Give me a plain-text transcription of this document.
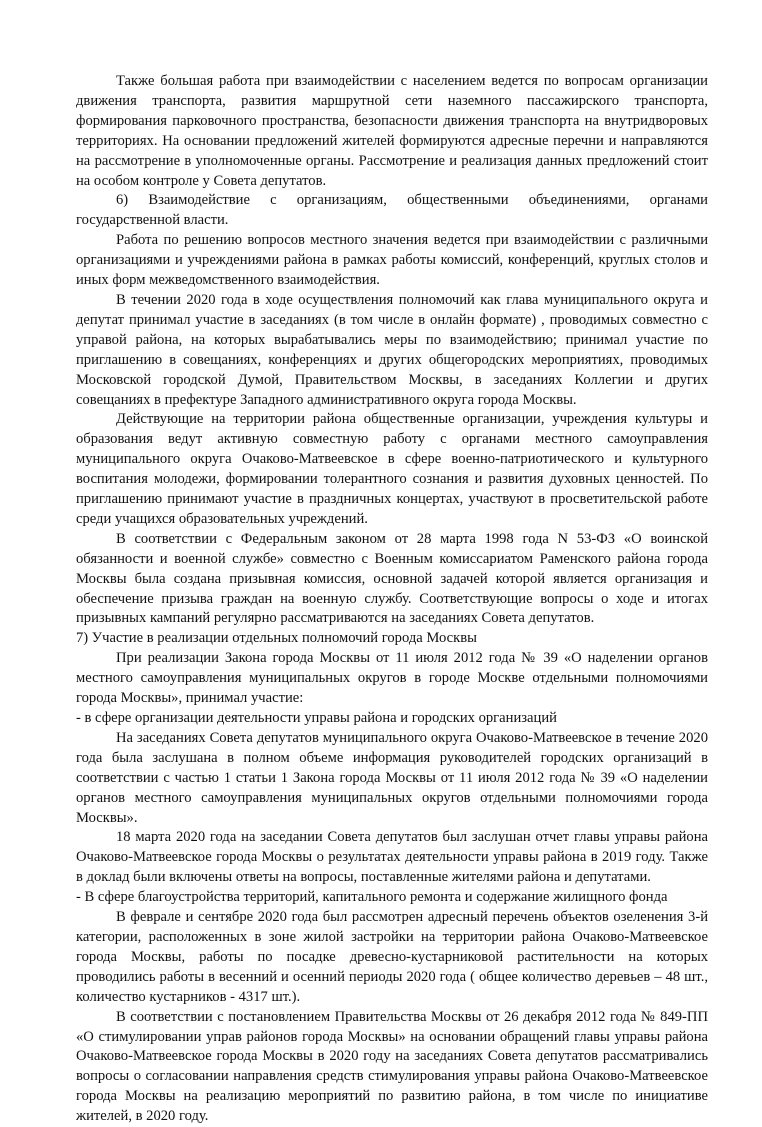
Также большая работа при взаимодействии с населением ведется по вопросам организации движения транспорта, развития маршрутной сети наземного пассажирского транспорта, формирования парковочного пространства, безопасности движения транспорта на внутридворовых территориях. На основании предложений жителей формируются адресные перечни и направляются на рассмотрение в уполномоченные органы. Рассмотрение и реализация данных предложений стоит на особом контроле у Совета депутатов.

6) Взаимодействие с организациям, общественными объединениями, органами государственной власти.

Работа по решению вопросов местного значения ведется при взаимодействии с различными организациями и учреждениями района в рамках работы комиссий, конференций, круглых столов и иных форм межведомственного взаимодействия.

В течении 2020 года в ходе осуществления полномочий как глава муниципального округа и депутат принимал участие в заседаниях (в том числе в онлайн формате) , проводимых совместно с управой района, на которых вырабатывались меры по взаимодействию; принимал участие по приглашению в совещаниях, конференциях и других общегородских мероприятиях, проводимых Московской городской Думой, Правительством Москвы, в заседаниях Коллегии и других совещаниях в префектуре Западного административного округа города Москвы.

Действующие на территории района общественные организации, учреждения культуры и образования ведут активную совместную работу с органами местного самоуправления муниципального округа Очаково-Матвеевское в сфере военно-патриотического и культурного воспитания молодежи, формировании толерантного сознания и развития духовных ценностей. По приглашению принимают участие в праздничных концертах, участвуют в просветительской работе среди учащихся образовательных учреждений.

В соответствии с Федеральным законом от 28 марта 1998 года N 53-ФЗ «О воинской обязанности и военной службе» совместно с Военным комиссариатом Раменского района города Москвы была создана призывная комиссия, основной задачей которой является организация и обеспечение призыва граждан на военную службу. Соответствующие вопросы о ходе и итогах призывных кампаний регулярно рассматриваются на заседаниях Совета депутатов.

7) Участие в реализации отдельных полномочий города Москвы

При реализации Закона города Москвы от 11 июля 2012 года № 39 «О наделении органов местного самоуправления муниципальных округов в городе Москве отдельными полномочиями города Москвы», принимал участие:

- в сфере организации деятельности управы района и городских организаций

На заседаниях Совета депутатов муниципального округа Очаково-Матвеевское в течение 2020 года была заслушана в полном объеме информация руководителей городских организаций в соответствии с частью 1 статьи 1 Закона города Москвы от 11 июля 2012 года № 39 «О наделении органов местного самоуправления муниципальных округов отдельными полномочиями города Москвы».

18 марта 2020 года на заседании Совета депутатов был заслушан отчет главы управы района Очаково-Матвеевское города Москвы о результатах деятельности управы района в 2019 году. Также в доклад были включены ответы на вопросы, поставленные жителями района и депутатами.

- В сфере благоустройства территорий, капитального ремонта и содержание жилищного фонда

В феврале и сентябре 2020 года был рассмотрен адресный перечень объектов озеленения 3-й категории, расположенных в зоне жилой застройки на территории района Очаково-Матвеевское города Москвы, работы по посадке древесно-кустарниковой растительности на которых проводились работы в весенний и осенний периоды 2020 года ( общее количество деревьев – 48 шт., количество кустарников - 4317 шт.).

В соответствии с постановлением Правительства Москвы от 26 декабря 2012 года № 849-ПП «О стимулировании управ районов города Москвы» на основании обращений главы управы района Очаково-Матвеевское города Москвы в 2020 году на заседаниях Совета депутатов рассматривались вопросы о согласовании направления средств стимулирования управы района Очаково-Матвеевское города Москвы на реализацию мероприятий по развитию района, в том числе по инициативе жителей, в 2020 году.
